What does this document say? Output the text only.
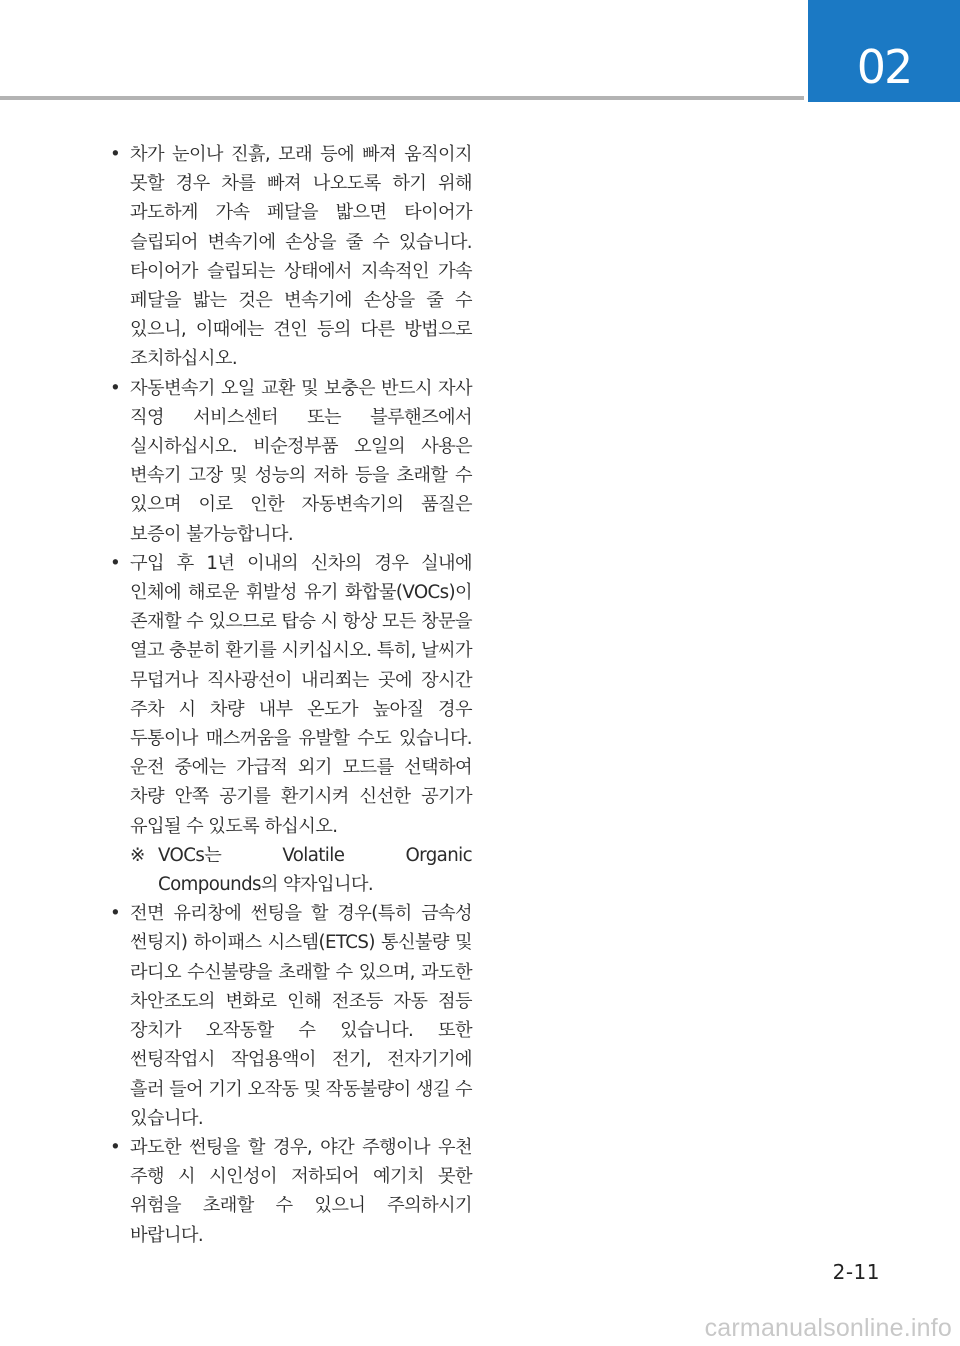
02
• 차가 눈이나 진흙, 모래 등에 빠져 움직이지 못할 경우 차를 빠져 나오도록 하기 위해 과도하게 가속 페달을 밟으면 타이어가 슬립되어 변속기에 손상을 줄 수 있습니다. 타이어가 슬립되는 상태에서 지속적인 가속 페달을 밟는 것은 변속기에 손상을 줄 수 있으니, 이때에는 견인 등의 다른 방법으로 조치하십시오.
• 자동변속기 오일 교환 및 보충은 반드시 자사 직영 서비스센터 또는 블루핸즈에서 실시하십시오. 비순정부품 오일의 사용은 변속기 고장 및 성능의 저하 등을 초래할 수 있으며 이로 인한 자동변속기의 품질은 보증이 불가능합니다.
• 구입 후 1년 이내의 신차의 경우 실내에 인체에 해로운 휘발성 유기 화합물(VOCs)이 존재할 수 있으므로 탑승 시 항상 모든 창문을 열고 충분히 환기를 시키십시오. 특히, 날씨가 무덥거나 직사광선이 내리쬐는 곳에 장시간 주차 시 차량 내부 온도가 높아질 경우 두통이나 매스꺼움을 유발할 수도 있습니다. 운전 중에는 가급적 외기 모드를 선택하여 차량 안쪽 공기를 환기시켜 신선한 공기가 유입될 수 있도록 하십시오.
※ VOCs는 Volatile Organic Compounds의 약자입니다.
• 전면 유리창에 썬팅을 할 경우(특히 금속성 썬팅지) 하이패스 시스템(ETCS) 통신불량 및 라디오 수신불량을 초래할 수 있으며, 과도한 차안조도의 변화로 인해 전조등 자동 점등 장치가 오작동할 수 있습니다. 또한 썬팅작업시 작업용액이 전기, 전자기기에 흘러 들어 기기 오작동 및 작동불량이 생길 수 있습니다.
• 과도한 썬팅을 할 경우, 야간 주행이나 우천 주행 시 시인성이 저하되어 예기치 못한 위험을 초래할 수 있으니 주의하시기 바랍니다.
2-11
carmanualsonline.info
